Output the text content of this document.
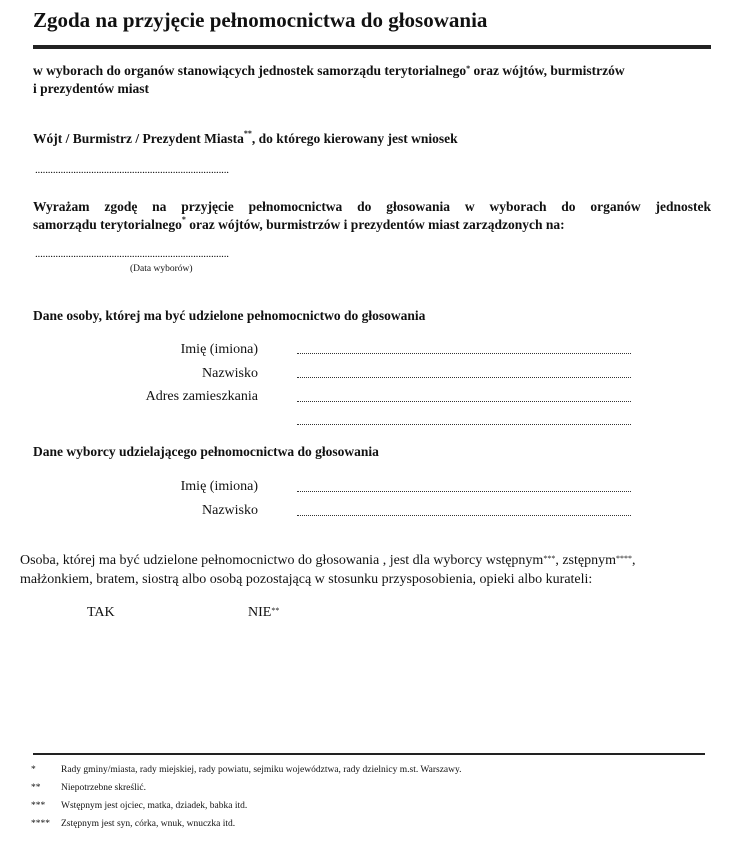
Zgoda na przyjęcie pełnomocnictwa do głosowania
w wyborach do organów stanowiących jednostek samorządu terytorialnego* oraz wójtów, burmistrzów
i prezydentów miast
Wójt / Burmistrz / Prezydent Miasta**, do którego kierowany jest wniosek
............................................................................
Wyrażam zgodę na przyjęcie pełnomocnictwa do głosowania w wyborach do organów jednostek
samorządu terytorialnego* oraz wójtów, burmistrzów i prezydentów miast zarządzonych na:
............................................................................
(Data wyborów)
Dane osoby, której ma być udzielone pełnomocnictwo do głosowania
Imię (imiona)
Nazwisko
Adres zamieszkania
Dane wyborcy udzielającego pełnomocnictwa do głosowania
Imię (imiona)
Nazwisko
Osoba, której ma być udzielone pełnomocnictwo do głosowania , jest dla wyborcy wstępnym***, zstępnym****,
małżonkiem, bratem, siostrą albo osobą pozostającą w stosunku przysposobienia, opieki albo kurateli:
TAK	NIE**
*	Rady gminy/miasta, rady miejskiej, rady powiatu, sejmiku województwa, rady dzielnicy m.st. Warszawy.
**	Niepotrzebne skreślić.
***	Wstępnym jest ojciec, matka, dziadek, babka itd.
****	Zstępnym jest syn, córka, wnuk, wnuczka itd.
